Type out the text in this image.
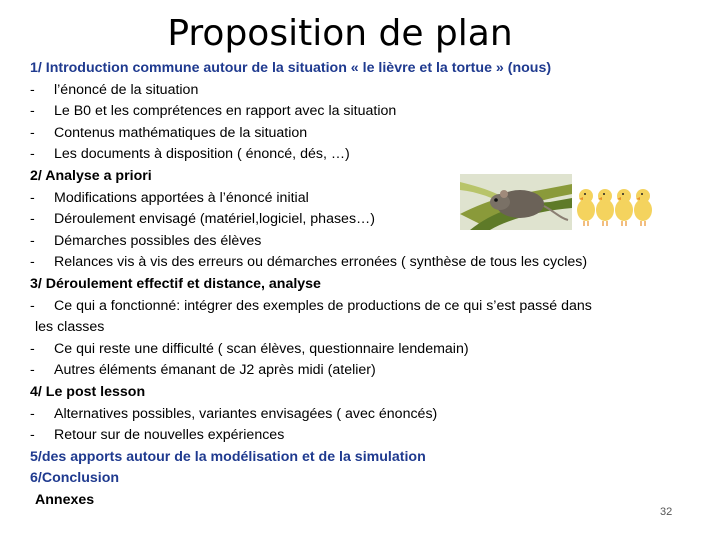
Proposition de plan
1/ Introduction commune autour de la situation « le lièvre et la tortue » (nous)
-	l’énoncé de la situation
-	Le B0 et les comprétences en rapport avec la situation
-	Contenus mathématiques de la situation
-	Les documents à disposition ( énoncé, dés, …)
2/ Analyse a priori
-	Modifications apportées à l’énoncé initial
-	Déroulement envisagé (matériel,logiciel, phases…)
-	Démarches possibles des élèves
-	Relances vis à vis des erreurs ou démarches erronées ( synthèse de tous les cycles)
3/ Déroulement effectif et distance, analyse
-	Ce qui a fonctionné: intégrer des exemples de productions de ce qui s’est passé dans
les classes
-	Ce qui reste une difficulté ( scan élèves, questionnaire lendemain)
-	Autres éléments émanant de J2 après midi (atelier)
4/ Le post lesson
-	Alternatives possibles, variantes envisagées ( avec énoncés)
-	Retour sur de nouvelles expériences
5/des apports autour de la modélisation et de la simulation
6/Conclusion
Annexes
32
